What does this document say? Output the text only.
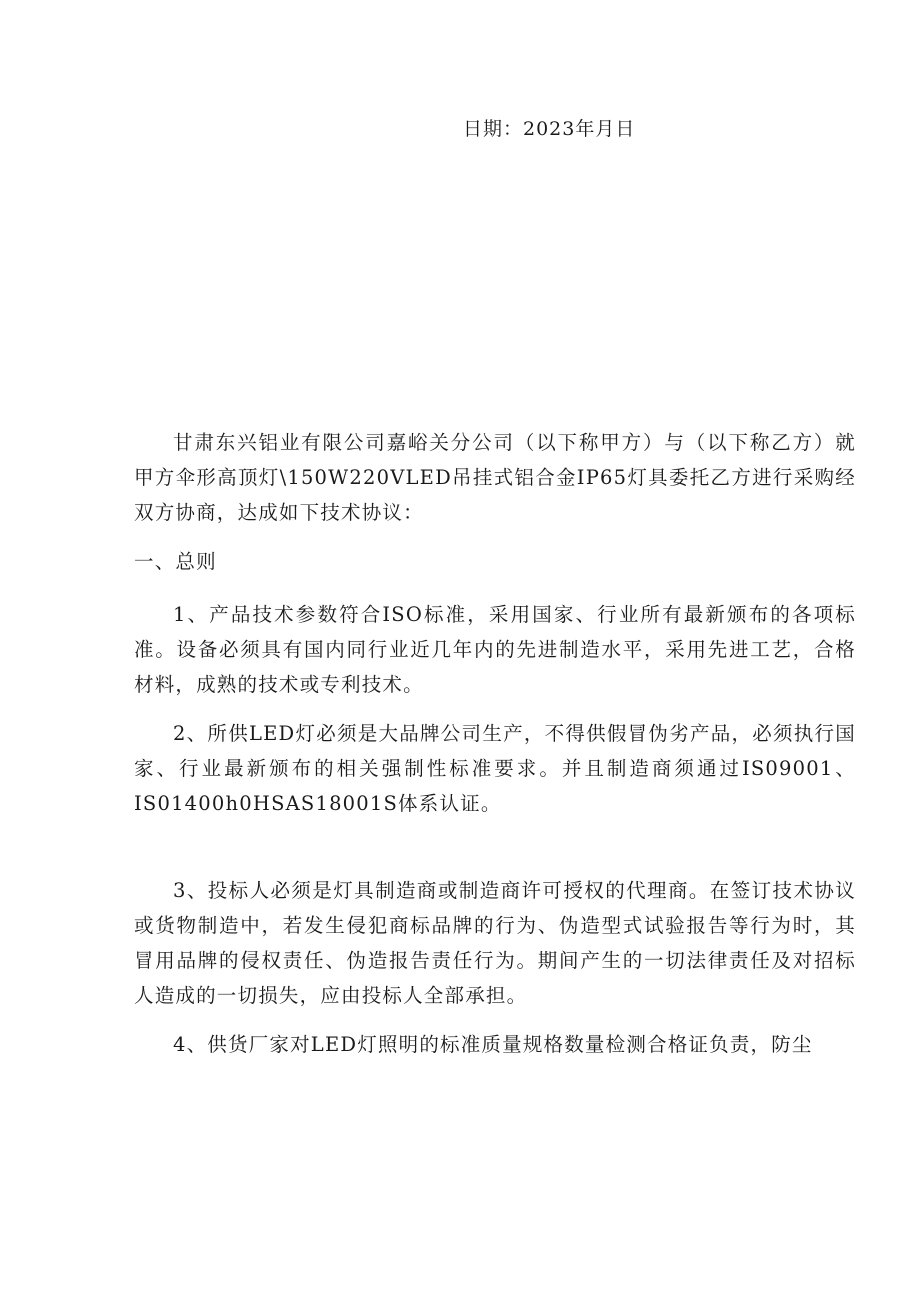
日期：2023年月日

甘肃东兴铝业有限公司嘉峪关分公司（以下称甲方）与（以下称乙方）就甲方伞形高顶灯\150W220VLED吊挂式铝合金IP65灯具委托乙方进行采购经双方协商，达成如下技术协议：

一、总则

1、产品技术参数符合ISO标准，采用国家、行业所有最新颁布的各项标准。设备必须具有国内同行业近几年内的先进制造水平，采用先进工艺，合格材料，成熟的技术或专利技术。

2、所供LED灯必须是大品牌公司生产，不得供假冒伪劣产品，必须执行国家、行业最新颁布的相关强制性标准要求。并且制造商须通过IS09001、IS01400h0HSAS18001S体系认证。

3、投标人必须是灯具制造商或制造商许可授权的代理商。在签订技术协议或货物制造中，若发生侵犯商标品牌的行为、伪造型式试验报告等行为时，其冒用品牌的侵权责任、伪造报告责任行为。期间产生的一切法律责任及对招标人造成的一切损失，应由投标人全部承担。

4、供货厂家对LED灯照明的标准质量规格数量检测合格证负责，防尘
